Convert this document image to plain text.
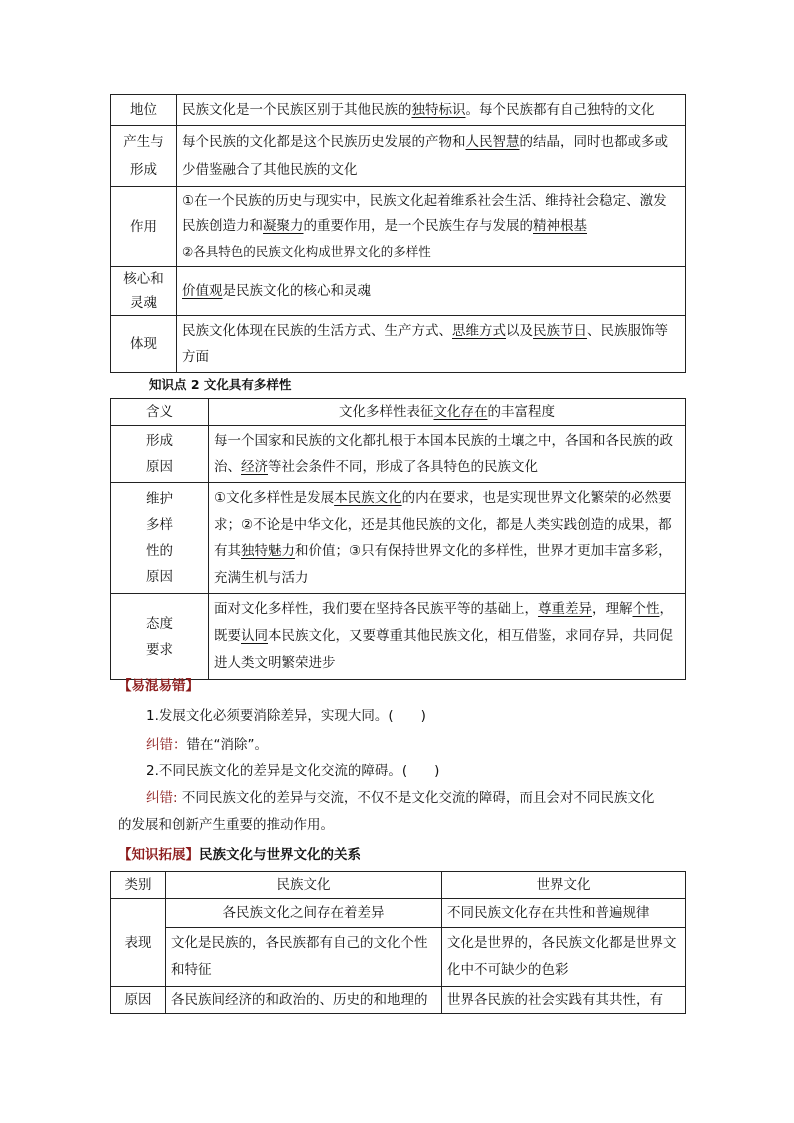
地位	民族文化是一个民族区别于其他民族的独特标识。每个民族都有自己独特的文化

产生与
形成	每个民族的文化都是这个民族历史发展的产物和人民智慧的结晶，同时也都或多或少借鉴融合了其他民族的文化
作用	①在一个民族的历史与现实中，民族文化起着维系社会生活、维持社会稳定、激发民族创造力和凝聚力的重要作用，是一个民族生存与发展的精神根基
②各具特色的民族文化构成世界文化的多样性

核心和
灵魂	价值观是民族文化的核心和灵魂
体现	民族文化体现在民族的生活方式、生产方式、思维方式以及民族节日、民族服饰等方面
知识点 2 文化具有多样性
含义	文化多样性表征文化存在的丰富程度

形成
原因	每一个国家和民族的文化都扎根于本国本民族的土壤之中，各国和各民族的政治、经济等社会条件不同，形成了各具特色的民族文化

维护
多样
性的
原因	①文化多样性是发展本民族文化的内在要求，也是实现世界文化繁荣的必然要求；②不论是中华文化，还是其他民族的文化，都是人类实践创造的成果，都有其独特魅力和价值；③只有保持世界文化的多样性，世界才更加丰富多彩，充满生机与活力

态度
要求	面对文化多样性，我们要在坚持各民族平等的基础上，尊重差异，理解个性，既要认同本民族文化，又要尊重其他民族文化，相互借鉴，求同存异，共同促进人类文明繁荣进步
【易混易错】
1.发展文化必须要消除差异，实现大同。(　　)
纠错：错在“消除”。
2.不同民族文化的差异是文化交流的障碍。(　　)
纠错: 不同民族文化的差异与交流，不仅不是文化交流的障碍，而且会对不同民族文化
的发展和创新产生重要的推动作用。
【知识拓展】民族文化与世界文化的关系
类别	民族文化	世界文化
表现	各民族文化之间存在着差异	不同民族文化存在共性和普遍规律
	文化是民族的，各民族都有自己的文化个性和特征	文化是世界的，各民族文化都是世界文化中不可缺少的色彩
原因	各民族间经济的和政治的、历史的和地理的	世界各民族的社会实践有其共性，有
